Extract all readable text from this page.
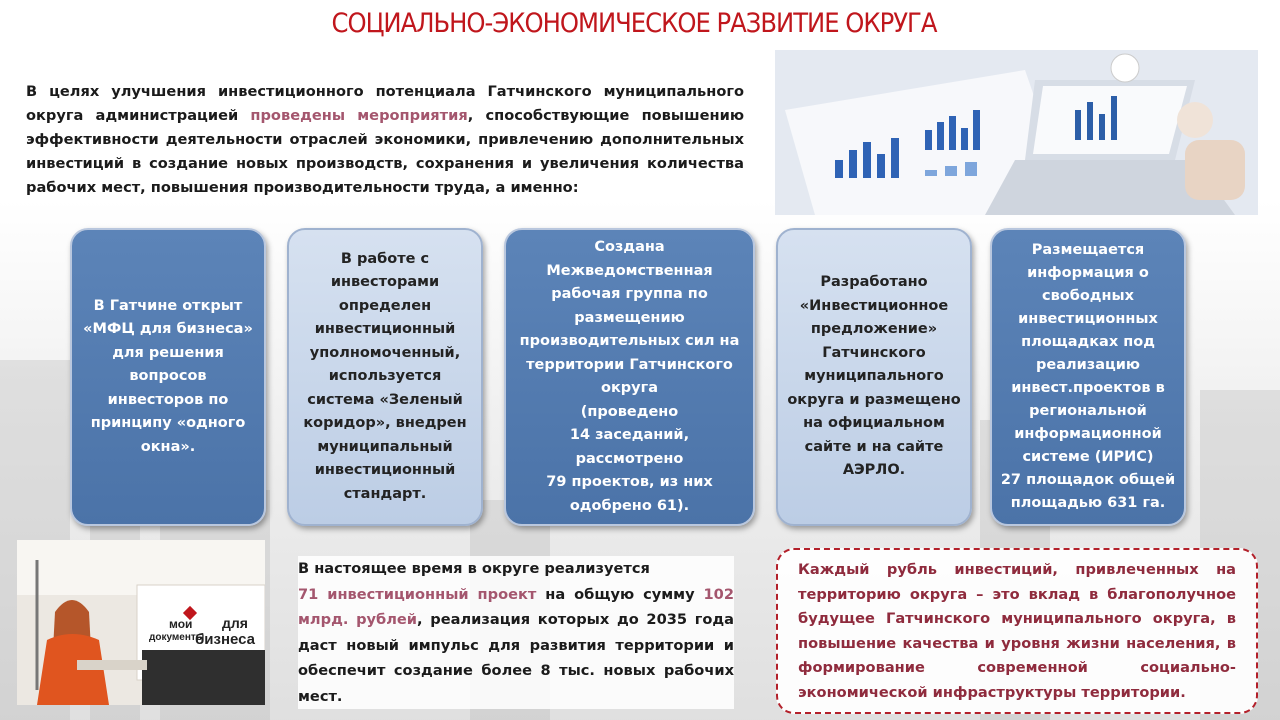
СОЦИАЛЬНО-ЭКОНОМИЧЕСКОЕ РАЗВИТИЕ ОКРУГА
В целях улучшения инвестиционного потенциала Гатчинского муниципального округа администрацией проведены мероприятия, способствующие повышению эффективности деятельности отраслей экономики, привлечению дополнительных инвестиций в создание новых производств, сохранения и увеличения количества рабочих мест, повышения производительности труда, а именно:
В Гатчине открыт
«МФЦ для бизнеса»
для решения
вопросов
инвесторов по
принципу «одного
окна».
В работе с
инвесторами
определен
инвестиционный
уполномоченный,
используется
система «Зеленый
коридор», внедрен
муниципальный
инвестиционный
стандарт.
Создана
Межведомственная
рабочая группа по
размещению
производительных сил на
территории Гатчинского
округа
(проведено
14 заседаний, рассмотрено
79 проектов, из них
одобрено 61).
Разработано
«Инвестиционное
предложение»
Гатчинского
муниципального
округа и размещено
на официальном
сайте и на сайте
АЭРЛО.
Размещается
информация о
свободных
инвестиционных
площадках под
реализацию
инвест.проектов в
региональной
информационной
системе (ИРИС)
27 площадок общей
площадью 631 га.
мои
документы
для
бизнеса
В настоящее время в округе реализуется
71 инвестиционный проект на общую сумму 102 млрд. рублей, реализация которых до 2035 года даст новый импульс для развития территории и обеспечит создание более 8 тыс. новых рабочих мест.
Каждый рубль инвестиций, привлеченных на территорию округа – это вклад в благополучное будущее Гатчинского муниципального округа, в повышение качества и уровня жизни населения, в формирование современной социально-экономической инфраструктуры территории.
